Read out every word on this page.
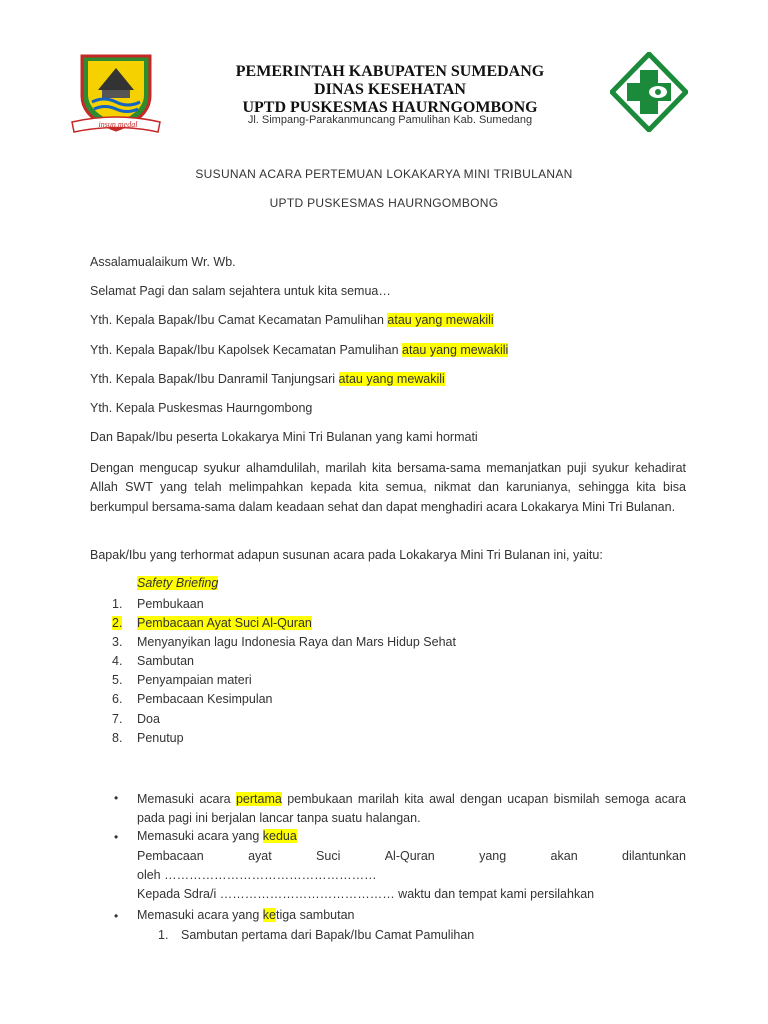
insun medal
PEMERINTAH KABUPATEN SUMEDANG
DINAS KESEHATAN
UPTD PUSKESMAS HAURNGOMBONG
Jl. Simpang-Parakanmuncang Pamulihan Kab. Sumedang
SUSUNAN ACARA PERTEMUAN LOKAKARYA MINI TRIBULANAN
UPTD PUSKESMAS HAURNGOMBONG
Assalamualaikum Wr. Wb.
Selamat Pagi dan salam sejahtera untuk kita semua…
Yth. Kepala Bapak/Ibu Camat Kecamatan Pamulihan atau yang mewakili
Yth. Kepala Bapak/Ibu Kapolsek Kecamatan Pamulihan atau yang mewakili
Yth. Kepala Bapak/Ibu Danramil Tanjungsari atau yang mewakili
Yth. Kepala Puskesmas Haurngombong
Dan Bapak/Ibu peserta Lokakarya Mini Tri Bulanan yang kami hormati
Dengan mengucap syukur alhamdulilah, marilah kita bersama-sama memanjatkan puji syukur kehadirat Allah SWT yang telah melimpahkan kepada kita semua, nikmat dan karunianya, sehingga kita bisa berkumpul bersama-sama dalam keadaan sehat dan dapat menghadiri acara Lokakarya Mini Tri Bulanan.
Bapak/Ibu yang terhormat adapun susunan acara pada Lokakarya Mini Tri Bulanan ini, yaitu:
Safety Briefing
1. Pembukaan
2. Pembacaan Ayat Suci Al-Quran
3. Menyanyikan lagu Indonesia Raya dan Mars Hidup Sehat
4. Sambutan
5. Penyampaian materi
6. Pembacaan Kesimpulan
7. Doa
8. Penutup
• Memasuki acara pertama pembukaan marilah kita awal dengan ucapan bismilah semoga acara pada pagi ini berjalan lancar tanpa suatu halangan.
• Memasuki acara yang kedua
Pembacaan	ayat	Suci	Al-Quran	yang	akan	dilantunkan
oleh ……………………………………………
Kepada Sdra/i …………………………………… waktu dan tempat kami persilahkan
• Memasuki acara yang ketiga sambutan
1. Sambutan pertama dari Bapak/Ibu Camat Pamulihan
